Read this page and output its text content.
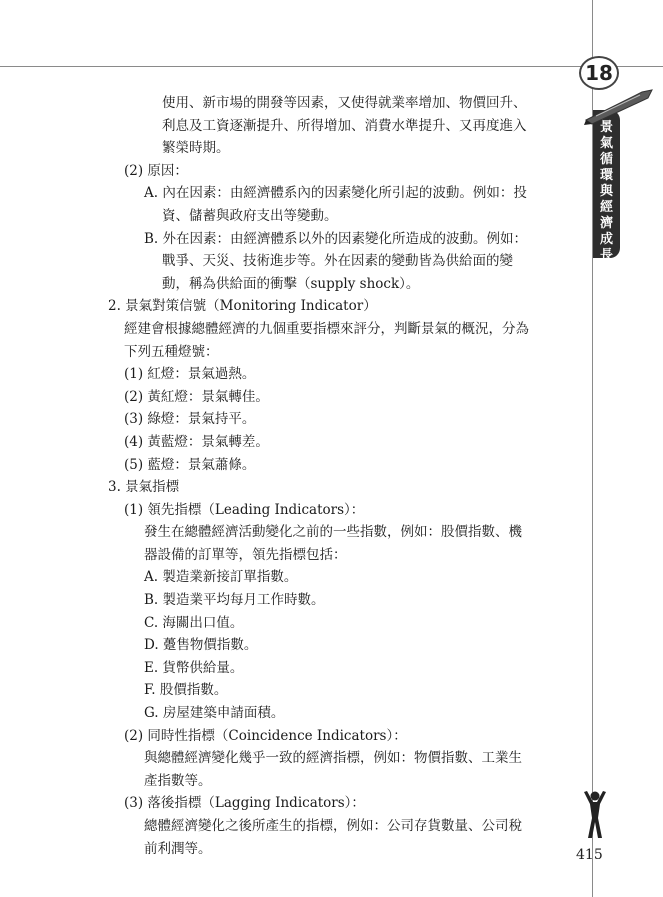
景
氣
循
環
與
經
濟
成
長
18
使用、新市場的開發等因素，又使得就業率增加、物價回升、
利息及工資逐漸提升、所得增加、消費水準提升、又再度進入
繁榮時期。
(2) 原因：
A. 內在因素：由經濟體系內的因素變化所引起的波動。例如：投
資、儲蓄與政府支出等變動。
B. 外在因素：由經濟體系以外的因素變化所造成的波動。例如：
戰爭、天災、技術進步等。外在因素的變動皆為供給面的變
動，稱為供給面的衝擊（supply shock）。
2. 景氣對策信號（Monitoring Indicator）
經建會根據總體經濟的九個重要指標來評分，判斷景氣的概況，分為
下列五種燈號：
(1) 紅燈：景氣過熱。
(2) 黃紅燈：景氣轉佳。
(3) 綠燈：景氣持平。
(4) 黃藍燈：景氣轉差。
(5) 藍燈：景氣蕭條。
3. 景氣指標
(1) 領先指標（Leading Indicators）：
發生在總體經濟活動變化之前的一些指數，例如：股價指數、機
器設備的訂單等，領先指標包括：
A. 製造業新接訂單指數。
B. 製造業平均每月工作時數。
C. 海關出口值。
D. 躉售物價指數。
E. 貨幣供給量。
F. 股價指數。
G. 房屋建築申請面積。
(2) 同時性指標（Coincidence Indicators）：
與總體經濟變化幾乎一致的經濟指標，例如：物價指數、工業生
產指數等。
(3) 落後指標（Lagging Indicators）：
總體經濟變化之後所產生的指標，例如：公司存貨數量、公司稅
前利潤等。	415
